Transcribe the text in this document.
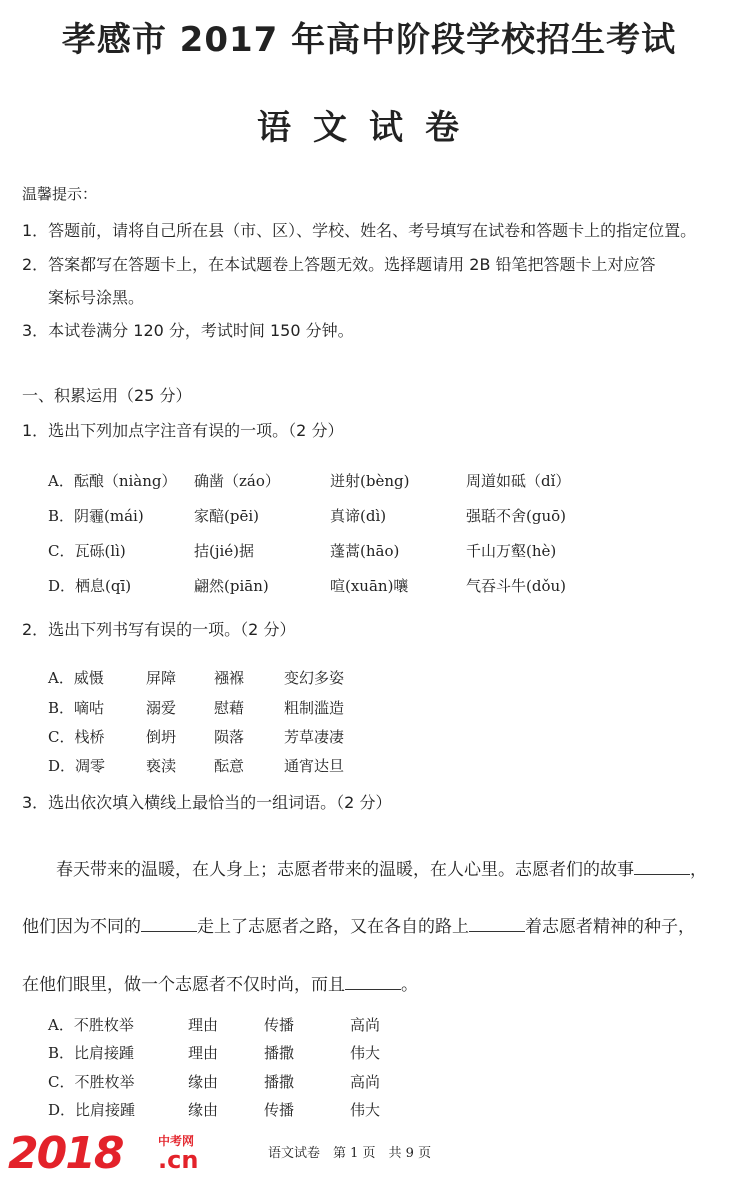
孝感市 2017 年高中阶段学校招生考试
语文试卷
温馨提示：
1．答题前，请将自己所在县（市、区）、学校、姓名、考号填写在试卷和答题卡上的指定位置。
2．答案都写在答题卡上，在本试题卷上答题无效。选择题请用 2B 铅笔把答题卡上对应答
案标号涂黑。
3．本试卷满分 120 分，考试时间 150 分钟。
一、积累运用（25 分）
1．选出下列加点字注音有误的一项。（2 分）
A．酝酿（niàng） 确凿（záo）	迸射(bèng)	周道如砥（dǐ）
B．阴霾(mái)	家醅(pēi)	真谛(dì)	强聒不舍(guō)
C．瓦砾(lì)	拮(jié)据	蓬蒿(hāo)	千山万壑(hè)
D．栖息(qī)	翩然(piān)	喧(xuān)嚷	气吞斗牛(dǒu)
2．选出下列书写有误的一项。（2 分）
A．威慑	屏障	襁褓	变幻多姿
B．嘀咕	溺爱	慰藉	粗制滥造
C．栈桥	倒坍	陨落	芳草凄凄
D．凋零	亵渎	酝意	通宵达旦
3．选出依次填入横线上最恰当的一组词语。（2 分）
春天带来的温暖，在人身上；志愿者带来的温暖，在人心里。志愿者们的故事	，
他们因为不同的	走上了志愿者之路，又在各自的路上	着志愿者精神的种子，
在他们眼里，做一个志愿者不仅时尚，而且	。
A．不胜枚举	理由	传播	高尚
B．比肩接踵	理由	播撒	伟大
C．不胜枚举	缘由	播撒	高尚
D．比肩接踵	缘由	传播	伟大
2018	中考网
.cn	语文试卷　第 1 页　共 9 页
